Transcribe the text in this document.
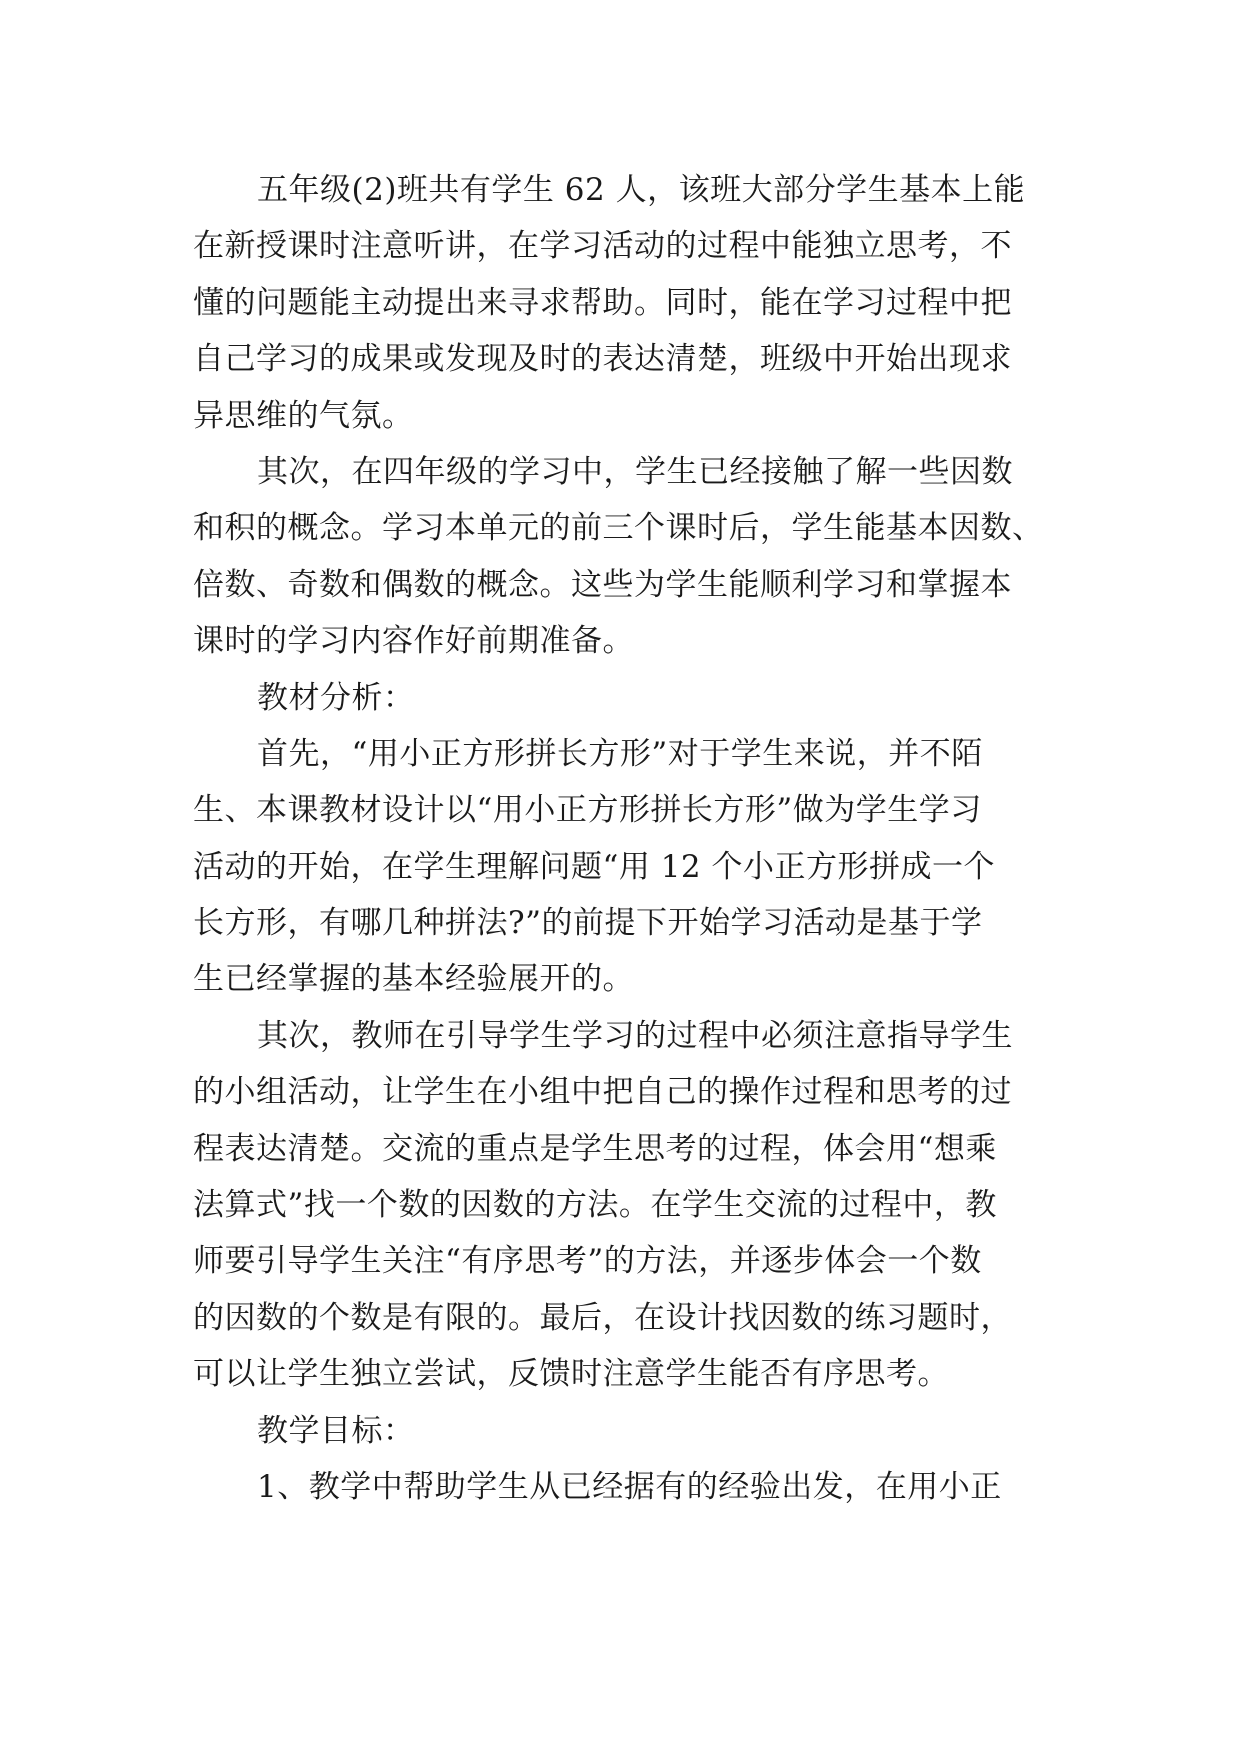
五年级(2)班共有学生 62 人，该班大部分学生基本上能
在新授课时注意听讲，在学习活动的过程中能独立思考，不
懂的问题能主动提出来寻求帮助。同时，能在学习过程中把
自己学习的成果或发现及时的表达清楚，班级中开始出现求
异思维的气氛。
其次，在四年级的学习中，学生已经接触了解一些因数
和积的概念。学习本单元的前三个课时后，学生能基本因数、
倍数、奇数和偶数的概念。这些为学生能顺利学习和掌握本
课时的学习内容作好前期准备。
教材分析：
首先，“用小正方形拼长方形”对于学生来说，并不陌
生、本课教材设计以“用小正方形拼长方形”做为学生学习
活动的开始，在学生理解问题“用 12 个小正方形拼成一个
长方形，有哪几种拼法?”的前提下开始学习活动是基于学
生已经掌握的基本经验展开的。
其次，教师在引导学生学习的过程中必须注意指导学生
的小组活动，让学生在小组中把自己的操作过程和思考的过
程表达清楚。交流的重点是学生思考的过程，体会用“想乘
法算式”找一个数的因数的方法。在学生交流的过程中，教
师要引导学生关注“有序思考”的方法，并逐步体会一个数
的因数的个数是有限的。最后，在设计找因数的练习题时，
可以让学生独立尝试，反馈时注意学生能否有序思考。
教学目标：
1、教学中帮助学生从已经据有的经验出发，在用小正
